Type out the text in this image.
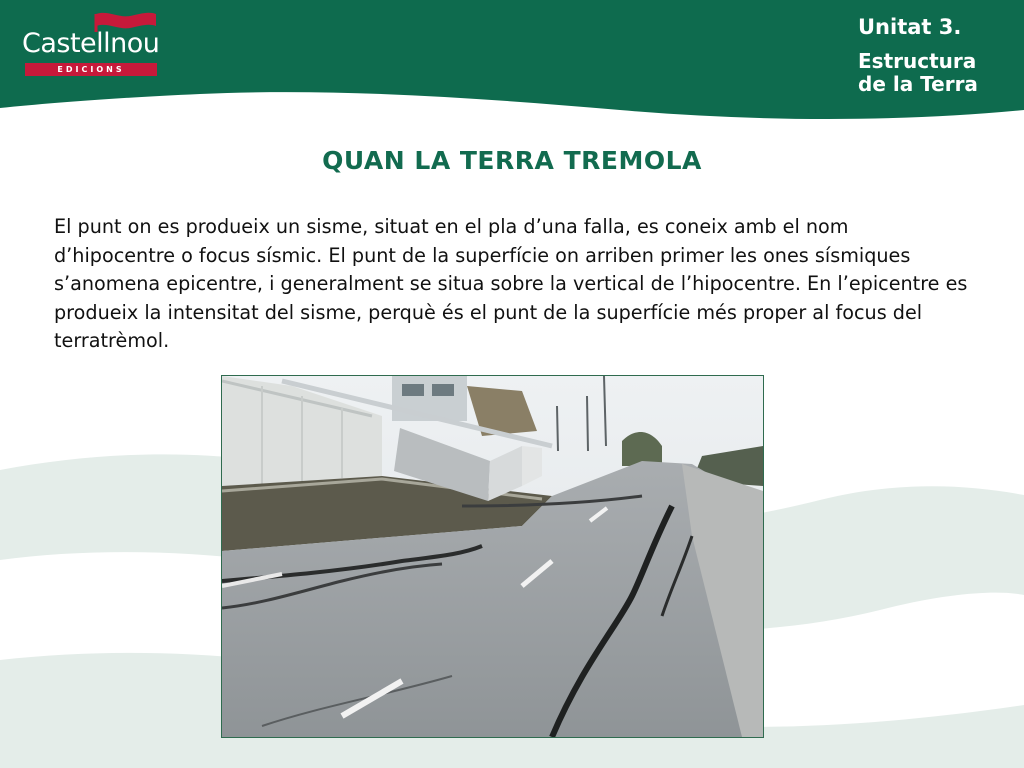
Castellnou
EDICIONS
Unitat 3.
Estructura de la Terra
QUAN LA TERRA TREMOLA
El punt on es produeix un sisme, situat en el pla d’una falla, es coneix amb el nom d’hipocentre o focus sísmic. El punt de la superfície on arriben primer les ones sísmiques s’anomena epicentre, i generalment se situa sobre la vertical de l’hipocentre. En l’epicentre es produeix la intensitat del sisme, perquè és el punt de la superfície més proper al focus del terratrèmol.
